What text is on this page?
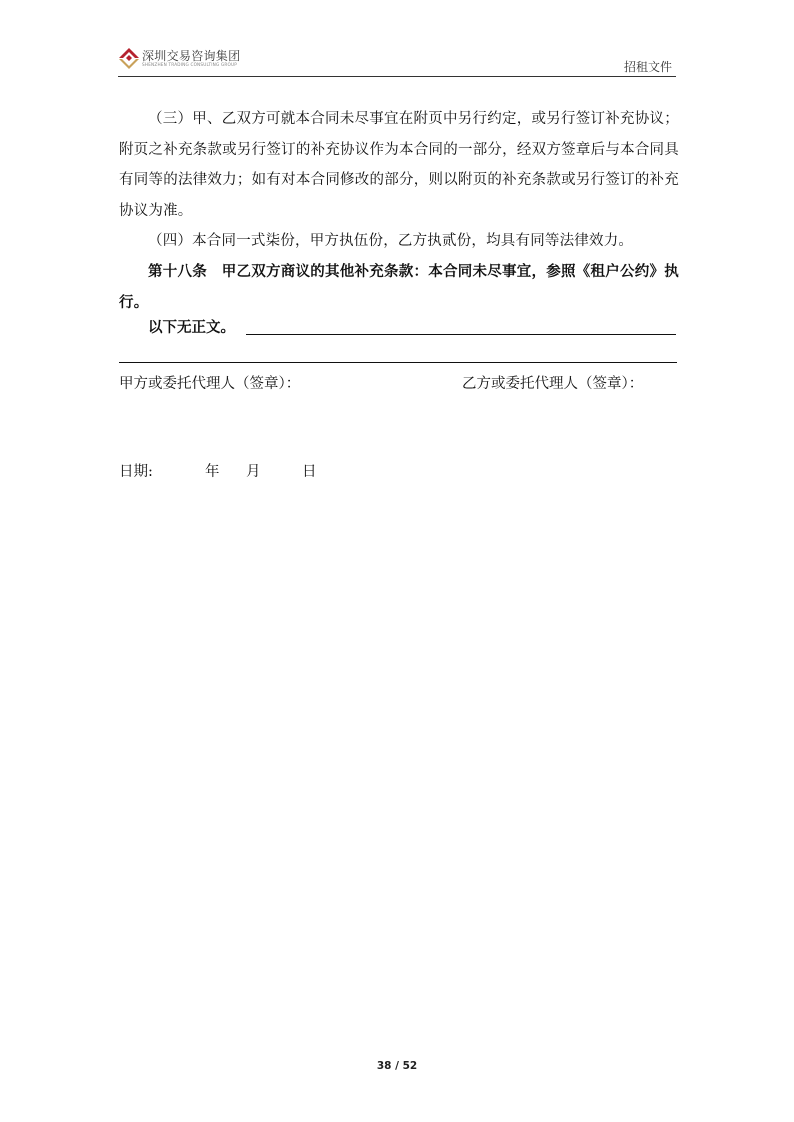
深圳交易咨询集团
SHENZHEN TRADING CONSULTING GROUP	招租文件
（三）甲、乙双方可就本合同未尽事宜在附页中另行约定，或另行签订补充协议；附页之补充条款或另行签订的补充协议作为本合同的一部分，经双方签章后与本合同具有同等的法律效力；如有对本合同修改的部分，则以附页的补充条款或另行签订的补充协议为准。
（四）本合同一式柒份，甲方执伍份，乙方执贰份，均具有同等法律效力。
第十八条　甲乙双方商议的其他补充条款：本合同未尽事宜，参照《租户公约》执行。
以下无正文。
甲方或委托代理人（签章）：	乙方或委托代理人（签章）：
日期:	年 月	日
38 / 52
